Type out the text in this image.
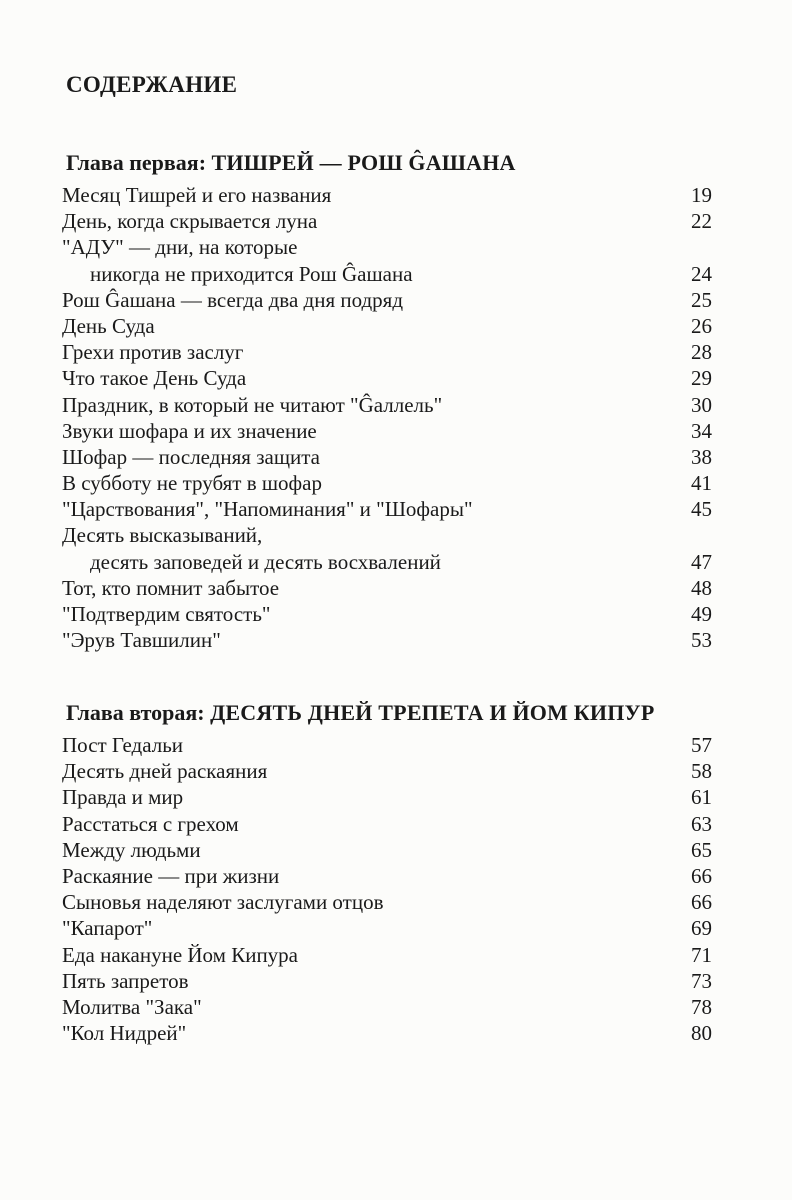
СОДЕРЖАНИЕ
Глава первая: ТИШРЕЙ — РОШ ĜАШАНА
Месяц Тишрей и его названия	19
День, когда скрывается луна	22
"АДУ" — дни, на которые
никогда не приходится Рош Ĝашана	24
Рош Ĝашана — всегда два дня подряд	25
День Суда	26
Грехи против заслуг	28
Что такое День Суда	29
Праздник, в который не читают "Ĝаллель"	30
Звуки шофара и их значение	34
Шофар — последняя защита	38
В субботу не трубят в шофар	41
"Царствования", "Напоминания" и "Шофары"	45
Десять высказываний,
десять заповедей и десять восхвалений	47
Тот, кто помнит забытое	48
"Подтвердим святость"	49
"Эрув Тавшилин"	53
Глава вторая: ДЕСЯТЬ ДНЕЙ ТРЕПЕТА И ЙОМ КИПУР
Пост Гедальи	57
Десять дней раскаяния	58
Правда и мир	61
Расстаться с грехом	63
Между людьми	65
Раскаяние — при жизни	66
Сыновья наделяют заслугами отцов	66
"Капарот"	69
Еда накануне Йом Кипура	71
Пять запретов	73
Молитва "Зака"	78
"Кол Нидрей"	80
